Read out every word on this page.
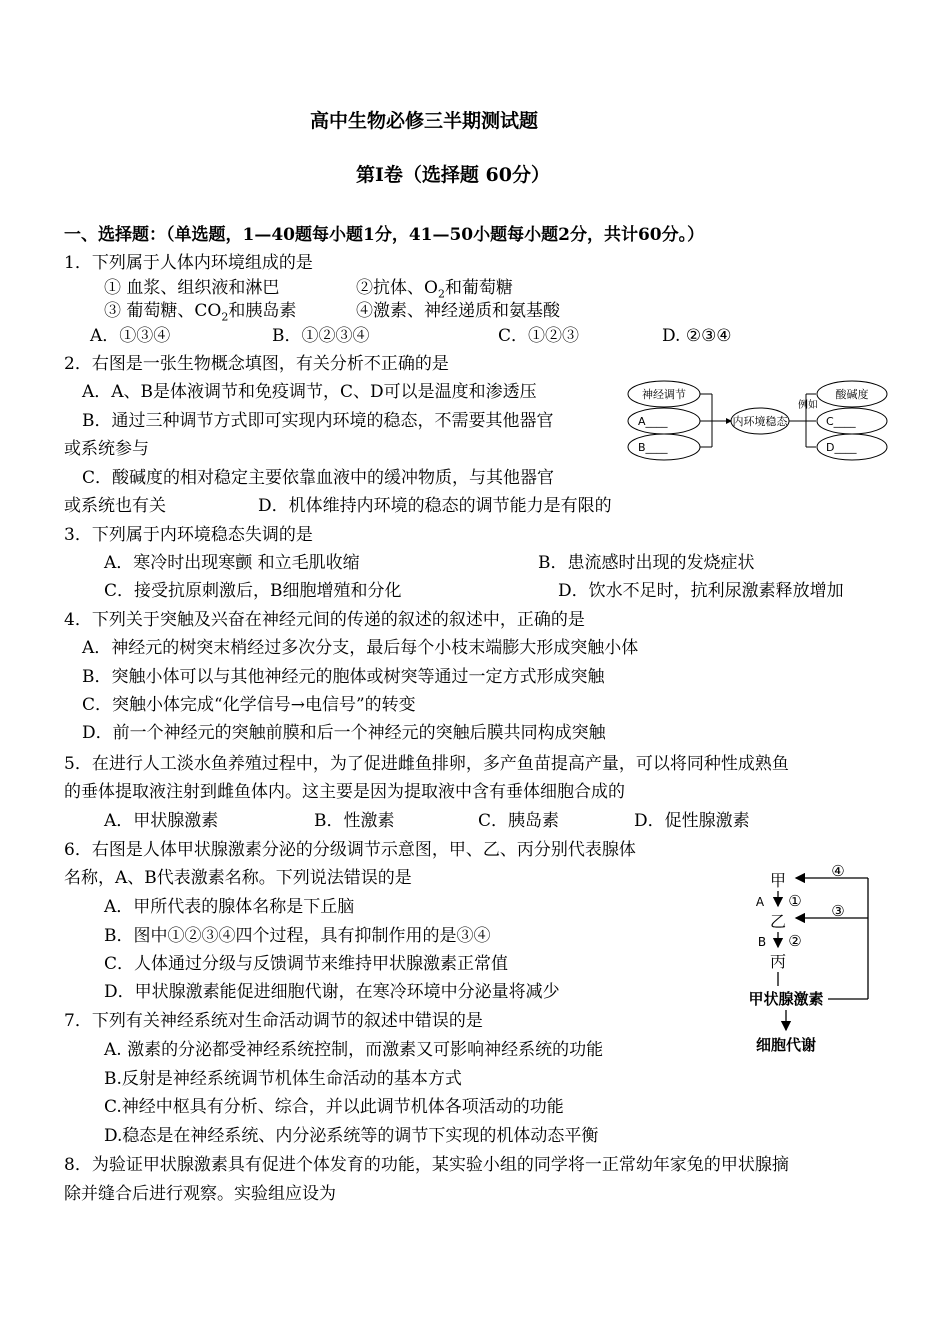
高中生物必修三半期测试题
第Ⅰ卷（选择题 60分）
一、选择题：（单选题，1—40题每小题1分，41—50小题每小题2分，共计60分。）
1．下列属于人体内环境组成的是
① 血浆、组织液和淋巴	②抗体、$O_2$和葡萄糖
③ 葡萄糖、$CO_2$和胰岛素	④激素、神经递质和氨基酸
A．①③④	B．①②③④	C．①②③	D. ②③④
2．右图是一张生物概念填图，有关分析不正确的是
A．A、B是体液调节和免疫调节，C、D可以是温度和渗透压
B．通过三种调节方式即可实现内环境的稳态，不需要其他器官
或系统参与
C．酸碱度的相对稳定主要依靠血液中的缓冲物质，与其他器官
或系统也有关	D．机体维持内环境的稳态的调节能力是有限的
神经调节
A____
B____
内环境稳态
例如
酸碱度
C____
D____
3．下列属于内环境稳态失调的是
A．寒冷时出现寒颤 和立毛肌收缩	B．患流感时出现的发烧症状
C．接受抗原刺激后，B细胞增殖和分化	D．饮水不足时，抗利尿激素释放增加
4．下列关于突触及兴奋在神经元间的传递的叙述的叙述中，正确的是
A．神经元的树突末梢经过多次分支，最后每个小枝末端膨大形成突触小体
B．突触小体可以与其他神经元的胞体或树突等通过一定方式形成突触
C．突触小体完成“化学信号→电信号”的转变
D．前一个神经元的突触前膜和后一个神经元的突触后膜共同构成突触
5．在进行人工淡水鱼养殖过程中，为了促进雌鱼排卵，多产鱼苗提高产量，可以将同种性成熟鱼
的垂体提取液注射到雌鱼体内。这主要是因为提取液中含有垂体细胞合成的
A．甲状腺激素	B．性激素	C．胰岛素	D．促性腺激素
6．右图是人体甲状腺激素分泌的分级调节示意图，甲、乙、丙分别代表腺体
名称，A、B代表激素名称。下列说法错误的是
A．甲所代表的腺体名称是下丘脑
B．图中①②③④四个过程，具有抑制作用的是③④
C．人体通过分级与反馈调节来维持甲状腺激素正常值
D．甲状腺激素能促进细胞代谢，在寒冷环境中分泌量将减少
甲
A ①
乙
B ②
丙
甲状腺激素
④
③
细胞代谢
7．下列有关神经系统对生命活动调节的叙述中错误的是
A. 激素的分泌都受神经系统控制，而激素又可影响神经系统的功能
B.反射是神经系统调节机体生命活动的基本方式
C.神经中枢具有分析、综合，并以此调节机体各项活动的功能
D.稳态是在神经系统、内分泌系统等的调节下实现的机体动态平衡
8．为验证甲状腺激素具有促进个体发育的功能，某实验小组的同学将一正常幼年家兔的甲状腺摘
除并缝合后进行观察。实验组应设为
